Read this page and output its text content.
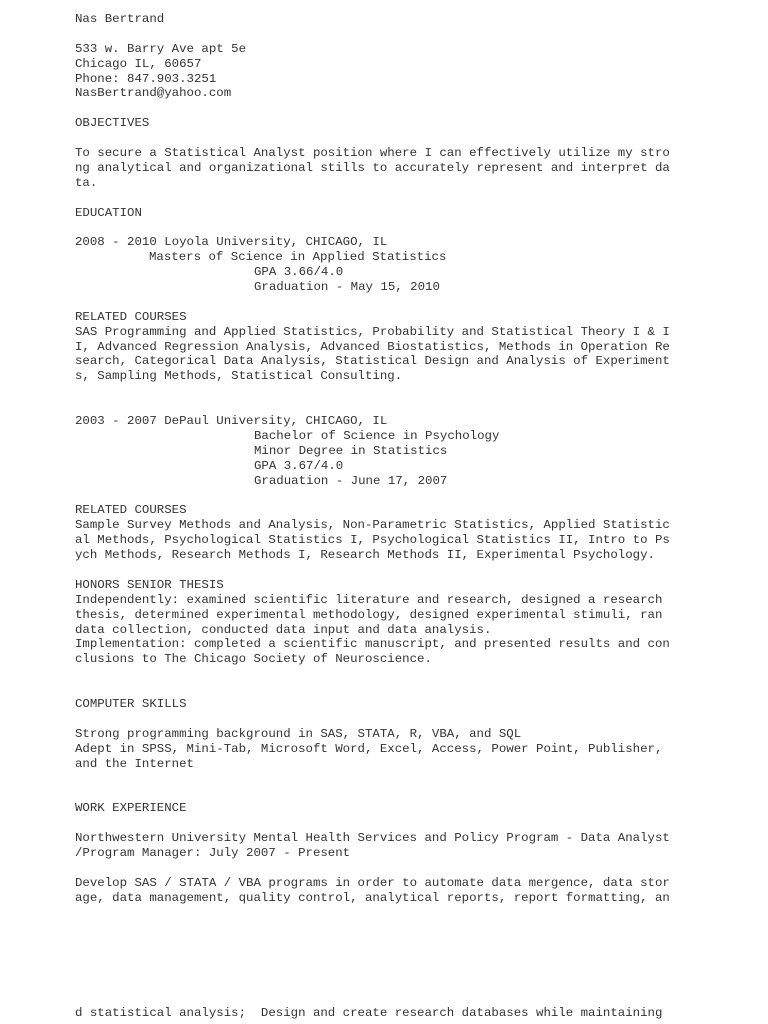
Nas Bertrand
533 w. Barry Ave apt 5e
Chicago IL, 60657
Phone: 847.903.3251
NasBertrand@yahoo.com
OBJECTIVES
To secure a Statistical Analyst position where I can effectively utilize my stro
ng analytical and organizational stills to accurately represent and interpret da
ta.
EDUCATION
2008 - 2010 Loyola University, CHICAGO, IL
Masters of Science in Applied Statistics
GPA 3.66/4.0
Graduation - May 15, 2010
RELATED COURSES
SAS Programming and Applied Statistics, Probability and Statistical Theory I & I
I, Advanced Regression Analysis, Advanced Biostatistics, Methods in Operation Re
search, Categorical Data Analysis, Statistical Design and Analysis of Experiment
s, Sampling Methods, Statistical Consulting.
2003 - 2007 DePaul University, CHICAGO, IL
Bachelor of Science in Psychology
Minor Degree in Statistics
GPA 3.67/4.0
Graduation - June 17, 2007
RELATED COURSES
Sample Survey Methods and Analysis, Non-Parametric Statistics, Applied Statistic
al Methods, Psychological Statistics I, Psychological Statistics II, Intro to Ps
ych Methods, Research Methods I, Research Methods II, Experimental Psychology.
HONORS SENIOR THESIS
Independently: examined scientific literature and research, designed a research
thesis, determined experimental methodology, designed experimental stimuli, ran
data collection, conducted data input and data analysis.
Implementation: completed a scientific manuscript, and presented results and con
clusions to The Chicago Society of Neuroscience.
COMPUTER SKILLS
Strong programming background in SAS, STATA, R, VBA, and SQL
Adept in SPSS, Mini-Tab, Microsoft Word, Excel, Access, Power Point, Publisher,
and the Internet
WORK EXPERIENCE
Northwestern University Mental Health Services and Policy Program - Data Analyst
/Program Manager: July 2007 - Present
Develop SAS / STATA / VBA programs in order to automate data mergence, data stor
age, data management, quality control, analytical reports, report formatting, an
d statistical analysis;  Design and create research databases while maintaining
